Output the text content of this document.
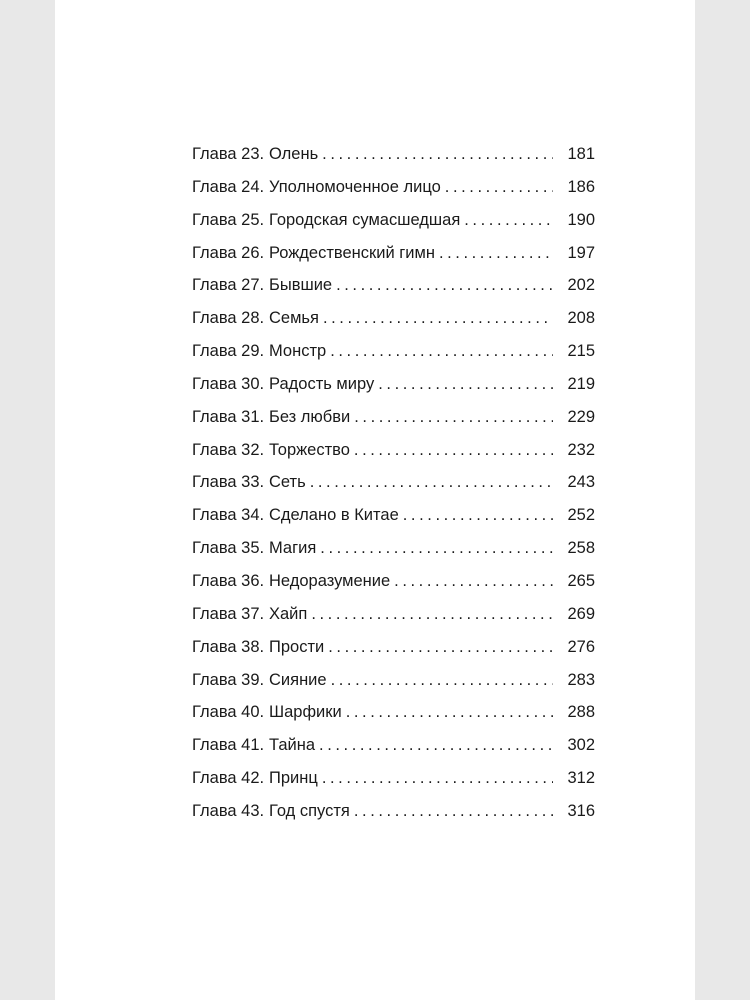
Глава 23. Олень . . .	181
Глава 24. Уполномоченное лицо . . .	186
Глава 25. Городская сумасшедшая . . .	190
Глава 26. Рождественский гимн . . .	197
Глава 27. Бывшие . . .	202
Глава 28. Семья . . .	208
Глава 29. Монстр . . .	215
Глава 30. Радость миру . . .	219
Глава 31. Без любви . . .	229
Глава 32. Торжество . . .	232
Глава 33. Сеть . . .	243
Глава 34. Сделано в Китае . . .	252
Глава 35. Магия . . .	258
Глава 36. Недоразумение . . .	265
Глава 37. Хайп . . .	269
Глава 38. Прости . . .	276
Глава 39. Сияние . . .	283
Глава 40. Шарфики . . .	288
Глава 41. Тайна . . .	302
Глава 42. Принц . . .	312
Глава 43. Год спустя . . .	316
